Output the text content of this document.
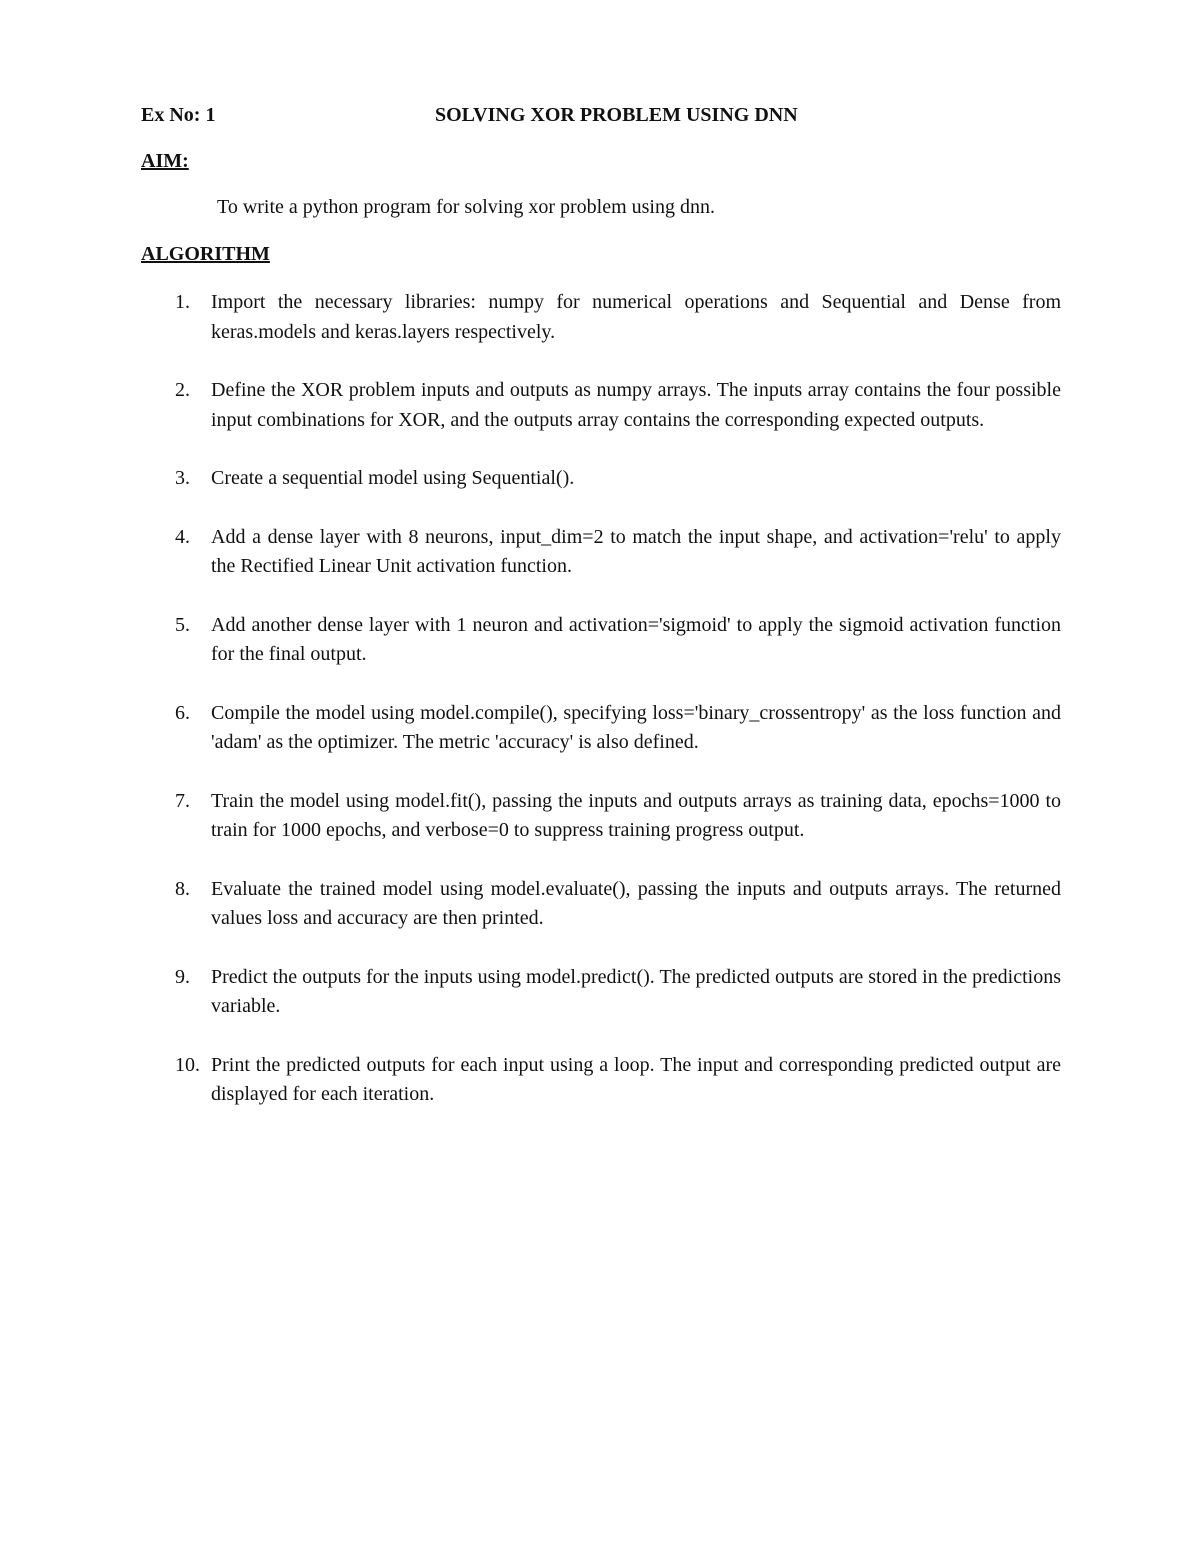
Ex No: 1	SOLVING XOR PROBLEM USING DNN
AIM:
To write a python program for solving xor problem using dnn.
ALGORITHM
1. Import the necessary libraries: numpy for numerical operations and Sequential and Dense from keras.models and keras.layers respectively.
2. Define the XOR problem inputs and outputs as numpy arrays. The inputs array contains the four possible input combinations for XOR, and the outputs array contains the corresponding expected outputs.
3. Create a sequential model using Sequential().
4. Add a dense layer with 8 neurons, input_dim=2 to match the input shape, and activation='relu' to apply the Rectified Linear Unit activation function.
5. Add another dense layer with 1 neuron and activation='sigmoid' to apply the sigmoid activation function for the final output.
6. Compile the model using model.compile(), specifying loss='binary_crossentropy' as the loss function and 'adam' as the optimizer. The metric 'accuracy' is also defined.
7. Train the model using model.fit(), passing the inputs and outputs arrays as training data, epochs=1000 to train for 1000 epochs, and verbose=0 to suppress training progress output.
8. Evaluate the trained model using model.evaluate(), passing the inputs and outputs arrays. The returned values loss and accuracy are then printed.
9. Predict the outputs for the inputs using model.predict(). The predicted outputs are stored in the predictions variable.
10. Print the predicted outputs for each input using a loop. The input and corresponding predicted output are displayed for each iteration.
